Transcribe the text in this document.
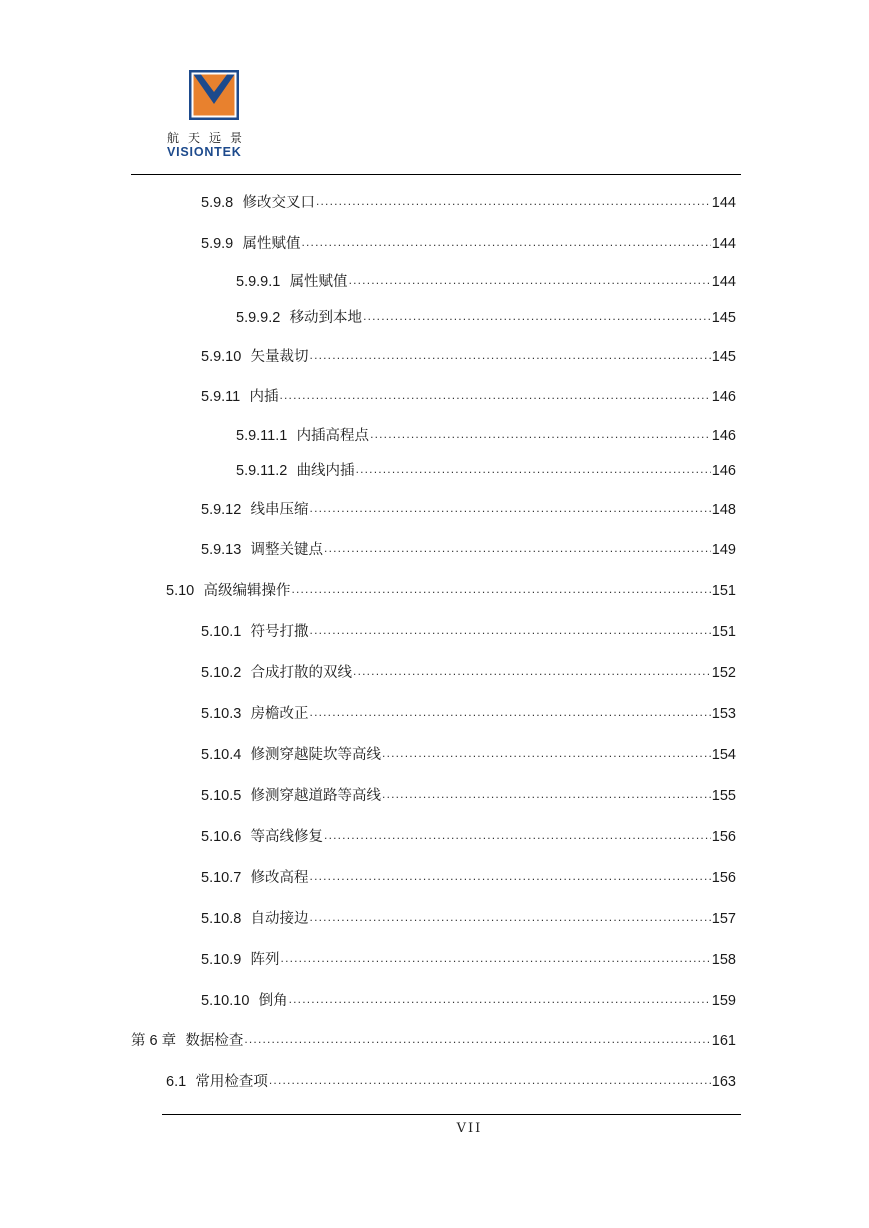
航天远景
VISIONTEK
5.9.8 修改交叉口 .....	144
5.9.9 属性赋值 .....	144
5.9.9.1 属性赋值 .....	144
5.9.9.2 移动到本地 .....	145
5.9.10 矢量裁切 .....	145
5.9.11 内插 .....	146
5.9.11.1 内插高程点 .....	146
5.9.11.2 曲线内插 .....	146
5.9.12 线串压缩 .....	148
5.9.13 调整关键点 .....	149
5.10 高级编辑操作 .....	151
5.10.1 符号打撒 .....	151
5.10.2 合成打散的双线 .....	152
5.10.3 房檐改正 .....	153
5.10.4 修测穿越陡坎等高线 .....	154
5.10.5 修测穿越道路等高线 .....	155
5.10.6 等高线修复 .....	156
5.10.7 修改高程 .....	156
5.10.8 自动接边 .....	157
5.10.9 阵列 .....	158
5.10.10 倒角 .....	159
第 6 章 数据检查 .....	161
6.1 常用检查项 .....	163
VII
